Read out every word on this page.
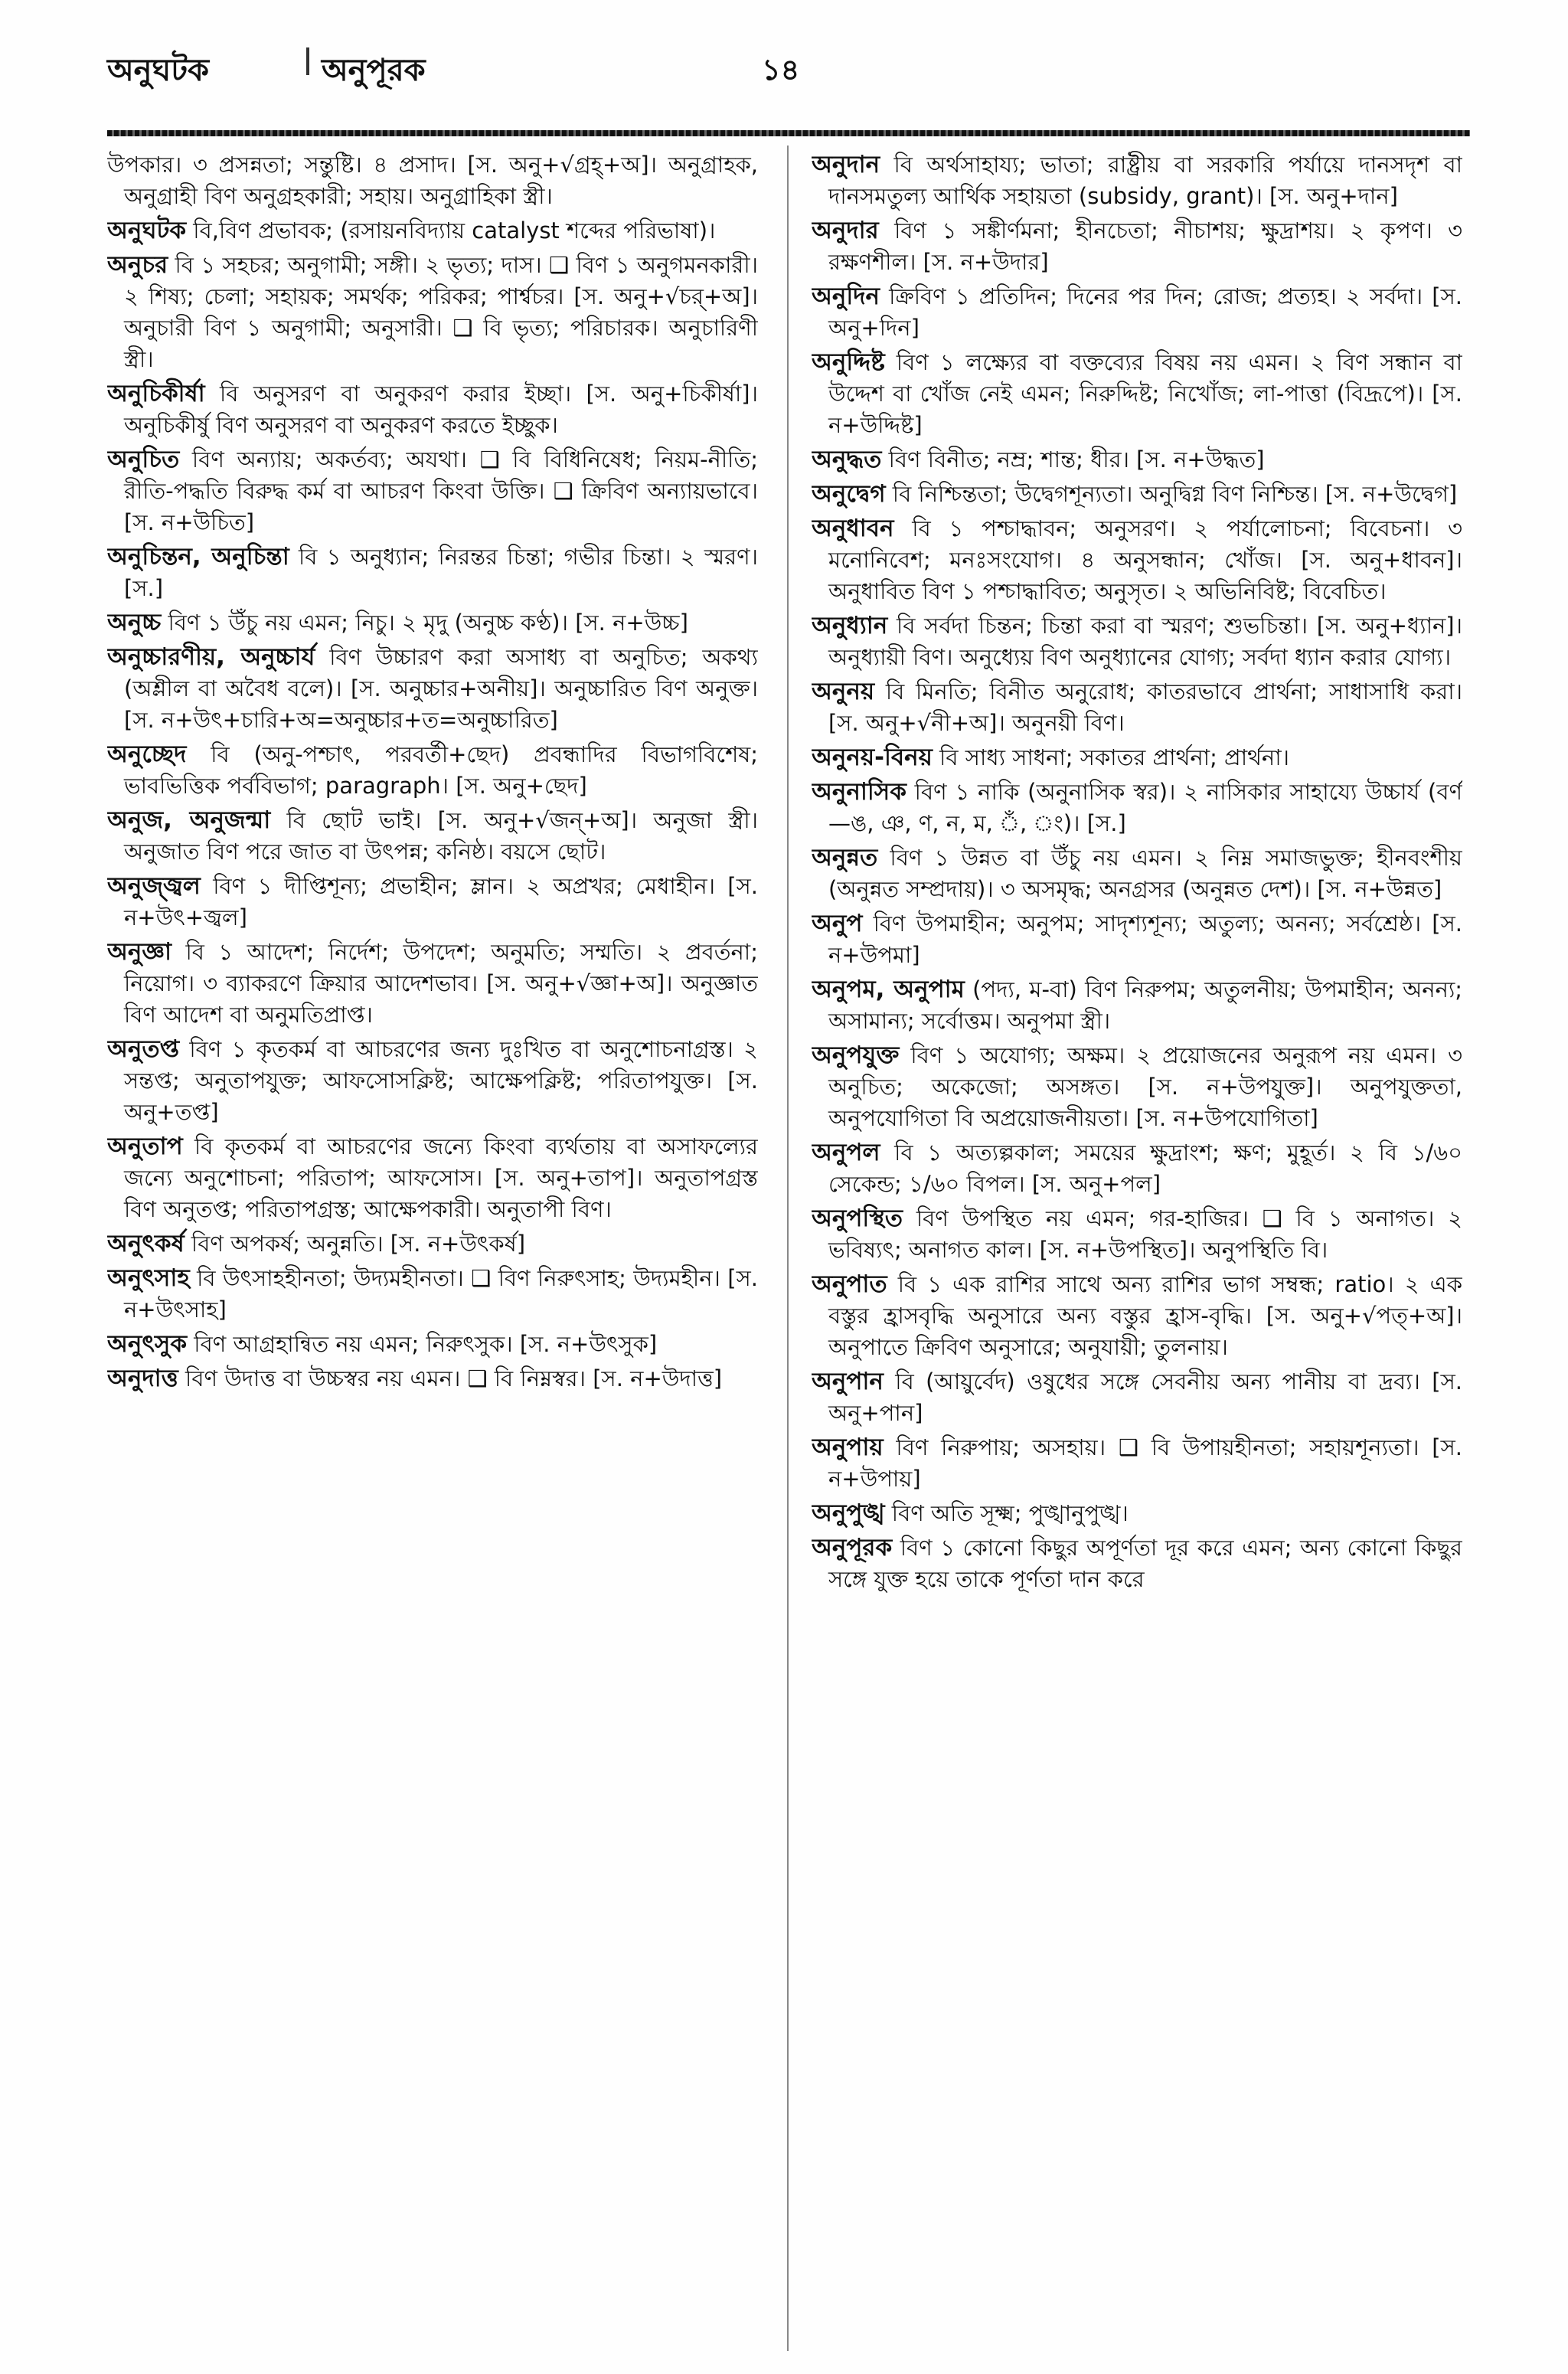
অনুঘটক	অনুপূরক	১৪

উপকার। ৩ প্রসন্নতা; সন্তুষ্টি। ৪ প্রসাদ। [স. অনু+√গ্রহ্+অ]। অনুগ্রাহক, অনুগ্রাহী বিণ অনুগ্রহকারী; সহায়। অনুগ্রাহিকা স্ত্রী।

অনুঘটক বি,বিণ প্রভাবক; (রসায়নবিদ্যায় catalyst শব্দের পরিভাষা)।

অনুচর বি ১ সহচর; অনুগামী; সঙ্গী। ২ ভৃত্য; দাস। ❑ বিণ ১ অনুগমনকারী। ২ শিষ্য; চেলা; সহায়ক; সমর্থক; পরিকর; পার্শ্বচর। [স. অনু+√চর্+অ]। অনুচারী বিণ ১ অনুগামী; অনুসারী। ❑ বি ভৃত্য; পরিচারক। অনুচারিণী স্ত্রী।

অনুচিকীর্ষা বি অনুসরণ বা অনুকরণ করার ইচ্ছা। [স. অনু+চিকীর্ষা]। অনুচিকীর্ষু বিণ অনুসরণ বা অনুকরণ করতে ইচ্ছুক।

অনুচিত বিণ অন্যায়; অকর্তব্য; অযথা। ❑ বি বিধিনিষেধ; নিয়ম-নীতি; রীতি-পদ্ধতি বিরুদ্ধ কর্ম বা আচরণ কিংবা উক্তি। ❑ ক্রিবিণ অন্যায়ভাবে। [স. ন+উচিত]

অনুচিন্তন, অনুচিন্তা বি ১ অনুধ্যান; নিরন্তর চিন্তা; গভীর চিন্তা। ২ স্মরণ। [স.]

অনুচ্চ বিণ ১ উঁচু নয় এমন; নিচু। ২ মৃদু (অনুচ্চ কণ্ঠ)। [স. ন+উচ্চ]

অনুচ্চারণীয়, অনুচ্চার্য বিণ উচ্চারণ করা অসাধ্য বা অনুচিত; অকথ্য (অশ্লীল বা অবৈধ বলে)। [স. অনুচ্চার+অনীয়]। অনুচ্চারিত বিণ অনুক্ত। [স. ন+উৎ+চারি+অ=অনুচ্চার+ত=অনুচ্চারিত]

অনুচ্ছেদ বি (অনু-পশ্চাৎ, পরবর্তী+ছেদ) প্রবন্ধাদির বিভাগবিশেষ; ভাবভিত্তিক পর্ববিভাগ; paragraph। [স. অনু+ছেদ]

অনুজ, অনুজন্মা বি ছোট ভাই। [স. অনু+√জন্+অ]। অনুজা স্ত্রী। অনুজাত বিণ পরে জাত বা উৎপন্ন; কনিষ্ঠ। বয়সে ছোট।

অনুজ্জ্বল বিণ ১ দীপ্তিশূন্য; প্রভাহীন; ম্লান। ২ অপ্রখর; মেধাহীন। [স. ন+উৎ+জ্বল]

অনুজ্ঞা বি ১ আদেশ; নির্দেশ; উপদেশ; অনুমতি; সম্মতি। ২ প্রবর্তনা; নিয়োগ। ৩ ব্যাকরণে ক্রিয়ার আদেশভাব। [স. অনু+√জ্ঞা+অ]। অনুজ্ঞাত বিণ আদেশ বা অনুমতিপ্রাপ্ত।

অনুতপ্ত বিণ ১ কৃতকর্ম বা আচরণের জন্য দুঃখিত বা অনুশোচনাগ্রস্ত। ২ সন্তপ্ত; অনুতাপযুক্ত; আফসোসক্লিষ্ট; আক্ষেপক্লিষ্ট; পরিতাপযুক্ত। [স. অনু+তপ্ত]

অনুতাপ বি কৃতকর্ম বা আচরণের জন্যে কিংবা ব্যর্থতায় বা অসাফল্যের জন্যে অনুশোচনা; পরিতাপ; আফসোস। [স. অনু+তাপ]। অনুতাপগ্রস্ত বিণ অনুতপ্ত; পরিতাপগ্রস্ত; আক্ষেপকারী। অনুতাপী বিণ।

অনুৎকর্ষ বিণ অপকর্ষ; অনুন্নতি। [স. ন+উৎকর্ষ]

অনুৎসাহ বি উৎসাহহীনতা; উদ্যমহীনতা। ❑ বিণ নিরুৎসাহ; উদ্যমহীন। [স. ন+উৎসাহ]

অনুৎসুক বিণ আগ্রহান্বিত নয় এমন; নিরুৎসুক। [স. ন+উৎসুক]

অনুদাত্ত বিণ উদাত্ত বা উচ্চস্বর নয় এমন। ❑ বি নিম্নস্বর। [স. ন+উদাত্ত]

অনুদান বি অর্থসাহায্য; ভাতা; রাষ্ট্রীয় বা সরকারি পর্যায়ে দানসদৃশ বা দানসমতুল্য আর্থিক সহায়তা (subsidy, grant)। [স. অনু+দান]

অনুদার বিণ ১ সঙ্কীর্ণমনা; হীনচেতা; নীচাশয়; ক্ষুদ্রাশয়। ২ কৃপণ। ৩ রক্ষণশীল। [স. ন+উদার]

অনুদিন ক্রিবিণ ১ প্রতিদিন; দিনের পর দিন; রোজ; প্রত্যহ। ২ সর্বদা। [স. অনু+দিন]

অনুদ্দিষ্ট বিণ ১ লক্ষ্যের বা বক্তব্যের বিষয় নয় এমন। ২ বিণ সন্ধান বা উদ্দেশ বা খোঁজ নেই এমন; নিরুদ্দিষ্ট; নিখোঁজ; লা-পাত্তা (বিদ্রূপে)। [স. ন+উদ্দিষ্ট]

অনুদ্ধত বিণ বিনীত; নম্র; শান্ত; ধীর। [স. ন+উদ্ধত]

অনুদ্বেগ বি নিশ্চিন্ততা; উদ্বেগশূন্যতা। অনুদ্বিগ্ন বিণ নিশ্চিন্ত। [স. ন+উদ্বেগ]

অনুধাবন বি ১ পশ্চাদ্ধাবন; অনুসরণ। ২ পর্যালোচনা; বিবেচনা। ৩ মনোনিবেশ; মনঃসংযোগ। ৪ অনুসন্ধান; খোঁজ। [স. অনু+ধাবন]। অনুধাবিত বিণ ১ পশ্চাদ্ধাবিত; অনুসৃত। ২ অভিনিবিষ্ট; বিবেচিত।

অনুধ্যান বি সর্বদা চিন্তন; চিন্তা করা বা স্মরণ; শুভচিন্তা। [স. অনু+ধ্যান]। অনুধ্যায়ী বিণ। অনুধ্যেয় বিণ অনুধ্যানের যোগ্য; সর্বদা ধ্যান করার যোগ্য।

অনুনয় বি মিনতি; বিনীত অনুরোধ; কাতরভাবে প্রার্থনা; সাধাসাধি করা। [স. অনু+√নী+অ]। অনুনয়ী বিণ।

অনুনয়-বিনয় বি সাধ্য সাধনা; সকাতর প্রার্থনা; প্রার্থনা।

অনুনাসিক বিণ ১ নাকি (অনুনাসিক স্বর)। ২ নাসিকার সাহায্যে উচ্চার্য (বর্ণ—ঙ, ঞ, ণ, ন, ম, ঁ, ং)। [স.]

অনুন্নত বিণ ১ উন্নত বা উঁচু নয় এমন। ২ নিম্ন সমাজভুক্ত; হীনবংশীয় (অনুন্নত সম্প্রদায়)। ৩ অসমৃদ্ধ; অনগ্রসর (অনুন্নত দেশ)। [স. ন+উন্নত]

অনুপ বিণ উপমাহীন; অনুপম; সাদৃশ্যশূন্য; অতুল্য; অনন্য; সর্বশ্রেষ্ঠ। [স. ন+উপমা]

অনুপম, অনুপাম (পদ্য, ম-বা) বিণ নিরুপম; অতুলনীয়; উপমাহীন; অনন্য; অসামান্য; সর্বোত্তম। অনুপমা স্ত্রী।

অনুপযুক্ত বিণ ১ অযোগ্য; অক্ষম। ২ প্রয়োজনের অনুরূপ নয় এমন। ৩ অনুচিত; অকেজো; অসঙ্গত। [স. ন+উপযুক্ত]। অনুপযুক্ততা, অনুপযোগিতা বি অপ্রয়োজনীয়তা। [স. ন+উপযোগিতা]

অনুপল বি ১ অত্যল্পকাল; সময়ের ক্ষুদ্রাংশ; ক্ষণ; মুহূর্ত। ২ বি ১/৬০ সেকেন্ড; ১/৬০ বিপল। [স. অনু+পল]

অনুপস্থিত বিণ উপস্থিত নয় এমন; গর-হাজির। ❑ বি ১ অনাগত। ২ ভবিষ্যৎ; অনাগত কাল। [স. ন+উপস্থিত]। অনুপস্থিতি বি।

অনুপাত বি ১ এক রাশির সাথে অন্য রাশির ভাগ সম্বন্ধ; ratio। ২ এক বস্তুর হ্রাসবৃদ্ধি অনুসারে অন্য বস্তুর হ্রাস-বৃদ্ধি। [স. অনু+√পত্+অ]। অনুপাতে ক্রিবিণ অনুসারে; অনুযায়ী; তুলনায়।

অনুপান বি (আয়ুর্বেদ) ওষুধের সঙ্গে সেবনীয় অন্য পানীয় বা দ্রব্য। [স. অনু+পান]

অনুপায় বিণ নিরুপায়; অসহায়। ❑ বি উপায়হীনতা; সহায়শূন্যতা। [স. ন+উপায়]

অনুপুঙ্খ বিণ অতি সূক্ষ্ম; পুঙ্খানুপুঙ্খ।

অনুপূরক বিণ ১ কোনো কিছুর অপূর্ণতা দূর করে এমন; অন্য কোনো কিছুর সঙ্গে যুক্ত হয়ে তাকে পূর্ণতা দান করে
